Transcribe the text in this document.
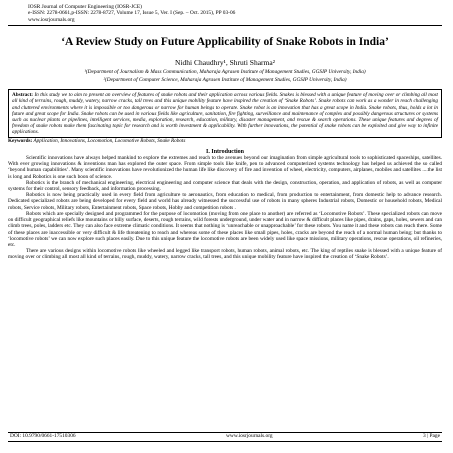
IOSR Journal of Computer Engineering (IOSR-JCE)
e-ISSN: 2278-0661,p-ISSN: 2278-8727, Volume 17, Issue 5, Ver. I (Sep. – Oct. 2015), PP 03-06
www.iosrjournals.org
‘A Review Study on Future Applicability of Snake Robots in India’
Nidhi Chaudhry¹, Shruti Sharma²
¹(Department of Journalism & Mass Communication, Maharaja Agrasen Institute of Management Studies, GGSIP University, India)
²(Department of Computer Science, Maharaja Agrasen Institute of Management Studies, GGSIP University, India)
Abstract: In this study we to aim to present an overview of features of snake robots and their application across various fields. Snakes is blessed with a unique feature of moving over or climbing all most all kind of terrains, rough, muddy, watery, narrow cracks, tall trees and this unique mobility feature have inspired the creation of ‘Snake Robots’. Snake robots can work as a wonder in reach challenging and cluttered environments where it is impossible or too dangerous or narrow for human beings to operate. Snake robot is an innovation that has a great scope in India. Snake robots, thus, holds a lot in future and great scope for India. Snake robots can be used in various fields like agriculture, sanitation, fire fighting, surveillance and maintenance of complex and possibly dangerous structures or systems such as nuclear plants or pipelines, intelligent services, media, exploration, research, education, military, disaster management, and rescue & search operations. These unique features and degrees of freedom of snake robots make them fascinating topic for research and is worth investment & applicability. With further innovations, the potential of snake robots can be exploited and give way to infinite applications.
Keywords: Application, Innovations, Locomotion, Locomotive Robots, Snake Robots
I. Introduction

Scientific innovations have always helped mankind to explore the extremes and reach to the avenues beyond our imagination from simple agricultural tools to sophisticated spaceships, satellites. With ever growing innovations & inventions man has explored the outer space. From simple tools like knife, pen to advanced computerized systems technology has helped us achieved the so called ‘beyond human capabilities’. Many scientific innovations have revolutionized the human life like discovery of fire and invention of wheel, electricity, computers, airplanes, mobiles and satellites ....the list is long and Robotics is one such boon of science.

Robotics is the branch of mechanical engineering, electrical engineering and computer science that deals with the design, construction, operation, and application of robots, as well as computer systems for their control, sensory feedback, and information processing.

Robotics is now being practically used in every field from agriculture to aeronautics, from education to medical, from production to entertainment, from domestic help to advance research. Dedicated specialized robots are being developed for every field and world has already witnessed the successful use of robots in many spheres Industrial robots, Domestic or household robots, Medical robots, Service robots, Military robots, Entertainment robots, Space robots, Hobby and competition robots .

Robots which are specially designed and programmed for the purpose of locomotion (moving from one place to another) are referred as ‘Locomotive Robots’. These specialized robots can move on difficult geographical reliefs like mountains or hilly surface, deserts, rough terrains, wild forests underground, under water and in narrow & difficult places like pipes, drains, gaps, holes, sewers and can climb trees, poles, ladders etc. They can also face extreme climatic conditions. It seems that nothing is ‘unreachable or unapproachable’ for these robots. You name it and these robots can reach there. Some of these places are inaccessible or very difficult & life threatening to reach and whereas some of these places like small pipes, holes, cracks are beyond the reach of a normal human being; but thanks to ‘locomotive robots’ we can now explore such places easily. Due to this unique feature the locomotive robots are been widely used like space missions, military operations, rescue operations, oil refineries, etc.

There are various designs within locomotive robots like wheeled and legged like transport robots, human robots, animal robots, etc. The king of reptiles snake is blessed with a unique feature of moving over or climbing all most all kind of terrains, rough, muddy, watery, narrow cracks, tall trees, and this unique mobility feature have inspired the creation of ‘Snake Robots’.

DOI: 10.9790/0661-17510306	www.iosrjournals.org	3 | Page
